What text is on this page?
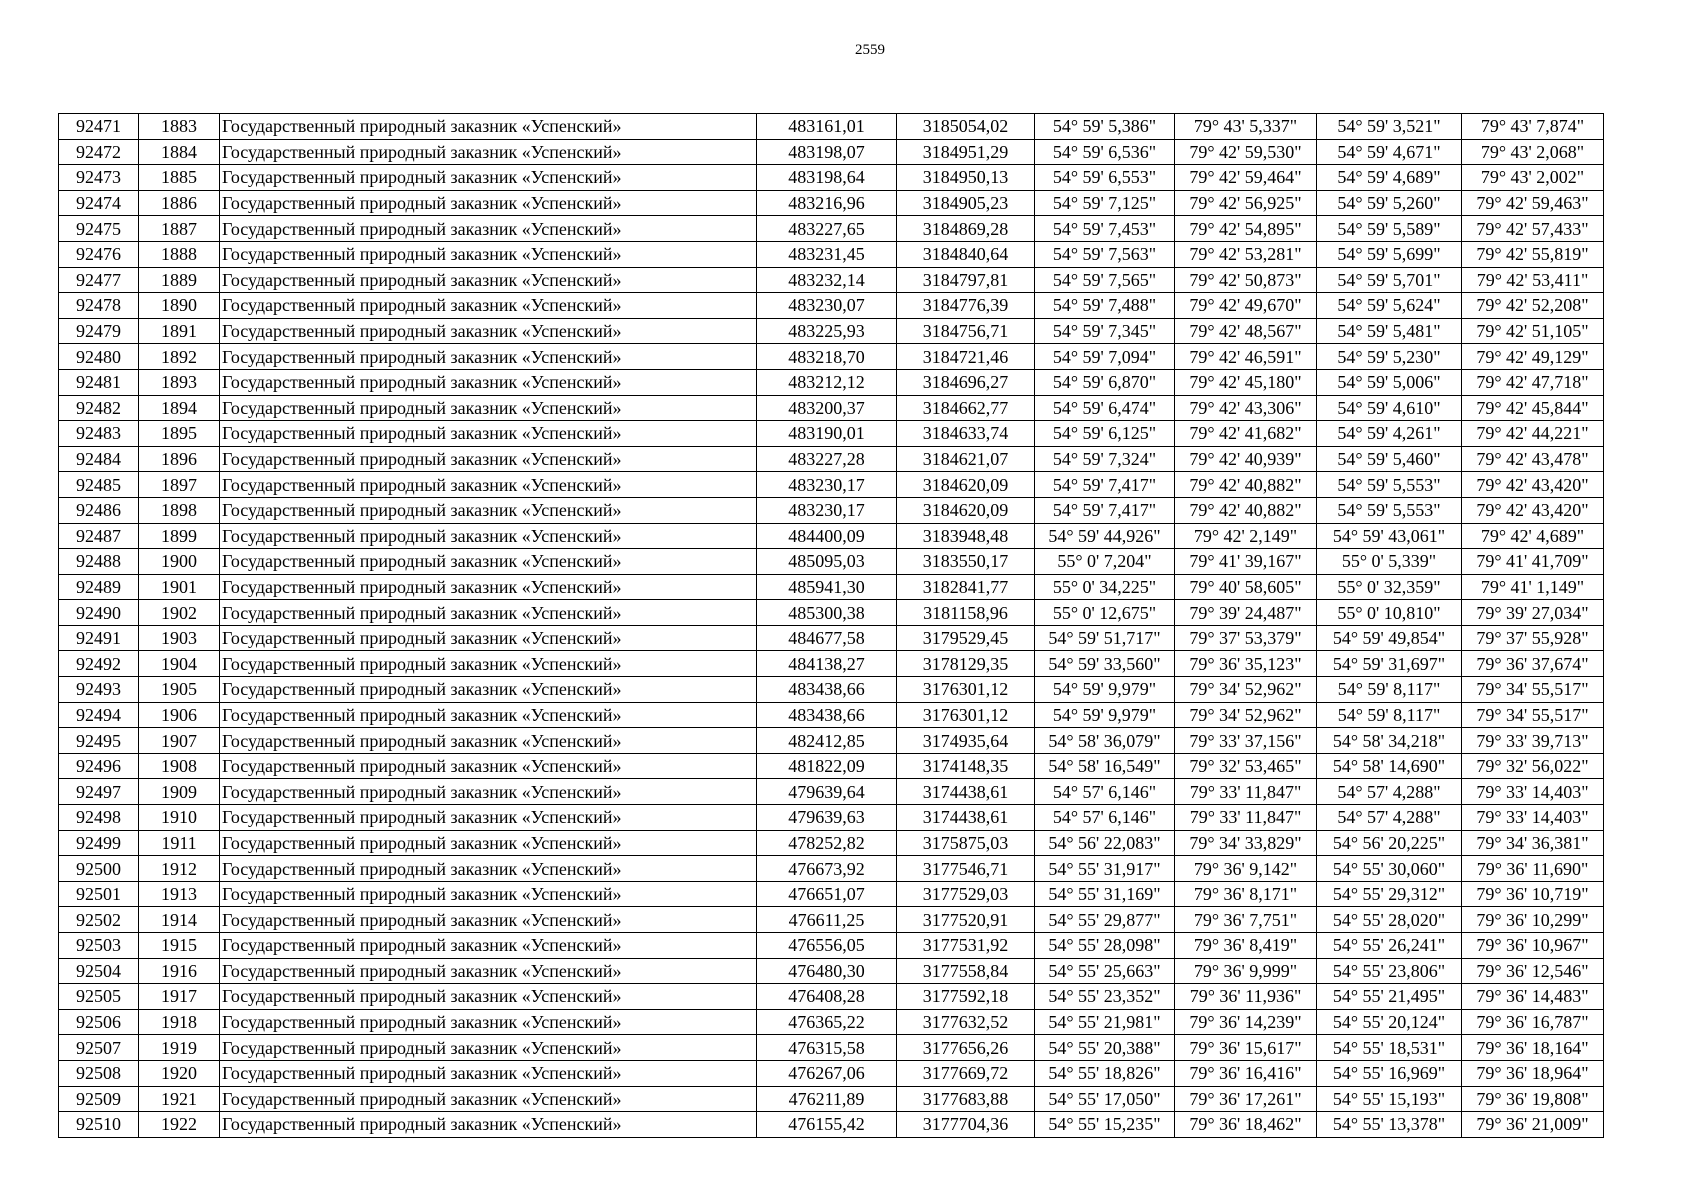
2559
92471	1883	Государственный природный заказник «Успенский»	483161,01	3185054,02	54° 59' 5,386"	79° 43' 5,337"	54° 59' 3,521"	79° 43' 7,874"
92472	1884	Государственный природный заказник «Успенский»	483198,07	3184951,29	54° 59' 6,536"	79° 42' 59,530"	54° 59' 4,671"	79° 43' 2,068"
92473	1885	Государственный природный заказник «Успенский»	483198,64	3184950,13	54° 59' 6,553"	79° 42' 59,464"	54° 59' 4,689"	79° 43' 2,002"
92474	1886	Государственный природный заказник «Успенский»	483216,96	3184905,23	54° 59' 7,125"	79° 42' 56,925"	54° 59' 5,260"	79° 42' 59,463"
92475	1887	Государственный природный заказник «Успенский»	483227,65	3184869,28	54° 59' 7,453"	79° 42' 54,895"	54° 59' 5,589"	79° 42' 57,433"
92476	1888	Государственный природный заказник «Успенский»	483231,45	3184840,64	54° 59' 7,563"	79° 42' 53,281"	54° 59' 5,699"	79° 42' 55,819"
92477	1889	Государственный природный заказник «Успенский»	483232,14	3184797,81	54° 59' 7,565"	79° 42' 50,873"	54° 59' 5,701"	79° 42' 53,411"
92478	1890	Государственный природный заказник «Успенский»	483230,07	3184776,39	54° 59' 7,488"	79° 42' 49,670"	54° 59' 5,624"	79° 42' 52,208"
92479	1891	Государственный природный заказник «Успенский»	483225,93	3184756,71	54° 59' 7,345"	79° 42' 48,567"	54° 59' 5,481"	79° 42' 51,105"
92480	1892	Государственный природный заказник «Успенский»	483218,70	3184721,46	54° 59' 7,094"	79° 42' 46,591"	54° 59' 5,230"	79° 42' 49,129"
92481	1893	Государственный природный заказник «Успенский»	483212,12	3184696,27	54° 59' 6,870"	79° 42' 45,180"	54° 59' 5,006"	79° 42' 47,718"
92482	1894	Государственный природный заказник «Успенский»	483200,37	3184662,77	54° 59' 6,474"	79° 42' 43,306"	54° 59' 4,610"	79° 42' 45,844"
92483	1895	Государственный природный заказник «Успенский»	483190,01	3184633,74	54° 59' 6,125"	79° 42' 41,682"	54° 59' 4,261"	79° 42' 44,221"
92484	1896	Государственный природный заказник «Успенский»	483227,28	3184621,07	54° 59' 7,324"	79° 42' 40,939"	54° 59' 5,460"	79° 42' 43,478"
92485	1897	Государственный природный заказник «Успенский»	483230,17	3184620,09	54° 59' 7,417"	79° 42' 40,882"	54° 59' 5,553"	79° 42' 43,420"
92486	1898	Государственный природный заказник «Успенский»	483230,17	3184620,09	54° 59' 7,417"	79° 42' 40,882"	54° 59' 5,553"	79° 42' 43,420"
92487	1899	Государственный природный заказник «Успенский»	484400,09	3183948,48	54° 59' 44,926"	79° 42' 2,149"	54° 59' 43,061"	79° 42' 4,689"
92488	1900	Государственный природный заказник «Успенский»	485095,03	3183550,17	55° 0' 7,204"	79° 41' 39,167"	55° 0' 5,339"	79° 41' 41,709"
92489	1901	Государственный природный заказник «Успенский»	485941,30	3182841,77	55° 0' 34,225"	79° 40' 58,605"	55° 0' 32,359"	79° 41' 1,149"
92490	1902	Государственный природный заказник «Успенский»	485300,38	3181158,96	55° 0' 12,675"	79° 39' 24,487"	55° 0' 10,810"	79° 39' 27,034"
92491	1903	Государственный природный заказник «Успенский»	484677,58	3179529,45	54° 59' 51,717"	79° 37' 53,379"	54° 59' 49,854"	79° 37' 55,928"
92492	1904	Государственный природный заказник «Успенский»	484138,27	3178129,35	54° 59' 33,560"	79° 36' 35,123"	54° 59' 31,697"	79° 36' 37,674"
92493	1905	Государственный природный заказник «Успенский»	483438,66	3176301,12	54° 59' 9,979"	79° 34' 52,962"	54° 59' 8,117"	79° 34' 55,517"
92494	1906	Государственный природный заказник «Успенский»	483438,66	3176301,12	54° 59' 9,979"	79° 34' 52,962"	54° 59' 8,117"	79° 34' 55,517"
92495	1907	Государственный природный заказник «Успенский»	482412,85	3174935,64	54° 58' 36,079"	79° 33' 37,156"	54° 58' 34,218"	79° 33' 39,713"
92496	1908	Государственный природный заказник «Успенский»	481822,09	3174148,35	54° 58' 16,549"	79° 32' 53,465"	54° 58' 14,690"	79° 32' 56,022"
92497	1909	Государственный природный заказник «Успенский»	479639,64	3174438,61	54° 57' 6,146"	79° 33' 11,847"	54° 57' 4,288"	79° 33' 14,403"
92498	1910	Государственный природный заказник «Успенский»	479639,63	3174438,61	54° 57' 6,146"	79° 33' 11,847"	54° 57' 4,288"	79° 33' 14,403"
92499	1911	Государственный природный заказник «Успенский»	478252,82	3175875,03	54° 56' 22,083"	79° 34' 33,829"	54° 56' 20,225"	79° 34' 36,381"
92500	1912	Государственный природный заказник «Успенский»	476673,92	3177546,71	54° 55' 31,917"	79° 36' 9,142"	54° 55' 30,060"	79° 36' 11,690"
92501	1913	Государственный природный заказник «Успенский»	476651,07	3177529,03	54° 55' 31,169"	79° 36' 8,171"	54° 55' 29,312"	79° 36' 10,719"
92502	1914	Государственный природный заказник «Успенский»	476611,25	3177520,91	54° 55' 29,877"	79° 36' 7,751"	54° 55' 28,020"	79° 36' 10,299"
92503	1915	Государственный природный заказник «Успенский»	476556,05	3177531,92	54° 55' 28,098"	79° 36' 8,419"	54° 55' 26,241"	79° 36' 10,967"
92504	1916	Государственный природный заказник «Успенский»	476480,30	3177558,84	54° 55' 25,663"	79° 36' 9,999"	54° 55' 23,806"	79° 36' 12,546"
92505	1917	Государственный природный заказник «Успенский»	476408,28	3177592,18	54° 55' 23,352"	79° 36' 11,936"	54° 55' 21,495"	79° 36' 14,483"
92506	1918	Государственный природный заказник «Успенский»	476365,22	3177632,52	54° 55' 21,981"	79° 36' 14,239"	54° 55' 20,124"	79° 36' 16,787"
92507	1919	Государственный природный заказник «Успенский»	476315,58	3177656,26	54° 55' 20,388"	79° 36' 15,617"	54° 55' 18,531"	79° 36' 18,164"
92508	1920	Государственный природный заказник «Успенский»	476267,06	3177669,72	54° 55' 18,826"	79° 36' 16,416"	54° 55' 16,969"	79° 36' 18,964"
92509	1921	Государственный природный заказник «Успенский»	476211,89	3177683,88	54° 55' 17,050"	79° 36' 17,261"	54° 55' 15,193"	79° 36' 19,808"
92510	1922	Государственный природный заказник «Успенский»	476155,42	3177704,36	54° 55' 15,235"	79° 36' 18,462"	54° 55' 13,378"	79° 36' 21,009"
